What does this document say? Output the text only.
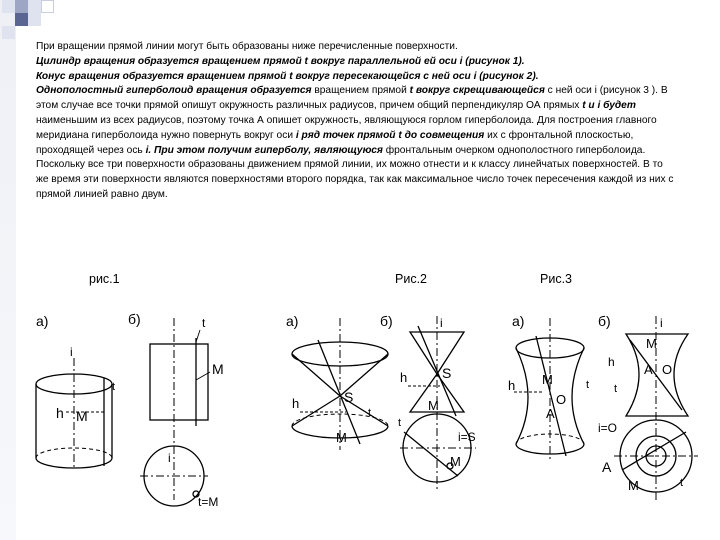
При вращении прямой линии могут быть образованы ниже перечисленные поверхности.

Цилиндр вращения образуется вращением прямой t вокруг параллельной ей оси i (рисунок 1).

Конус вращения образуется вращением прямой t вокруг пересекающейся с ней оси i (рисунок 2).

Однополостный гиперболоид вращения образуется вращением прямой t вокруг скрещивающейся с ней оси i (рисунок 3 ). В этом случае все точки прямой опишут окружность различных радиусов, причем общий перпендикуляр ОА прямых t и i будет

наименьшим из всех радиусов, поэтому точка А опишет окружность, являющуюся горлом гиперболоида. Для построения главного меридиана гиперболоида нужно повернуть вокруг оси i ряд точек прямой t до совмещения их с фронтальной плоскостью, проходящей через ось i. При этом получим гиперболу, являющуюся фронтальным очерком однополостного гиперболоида.

Поскольку все три поверхности образованы движением прямой линии, их можно отнести и к классу линейчатых поверхностей. В то

же время эти поверхности являются поверхностями второго порядка, так как максимальное число точек пересечения каждой из них с прямой линией равно двум.

рис.1	Рис.2	Рис.3
а)
i
h M
t
б)	t
M
i
t=M
а)
S
h
t
M
б)	i
S
h
M
t
i=S
M
а)
M
O
A
h	t
б)	i
M
A O
h
t
i=O
A
M	t
